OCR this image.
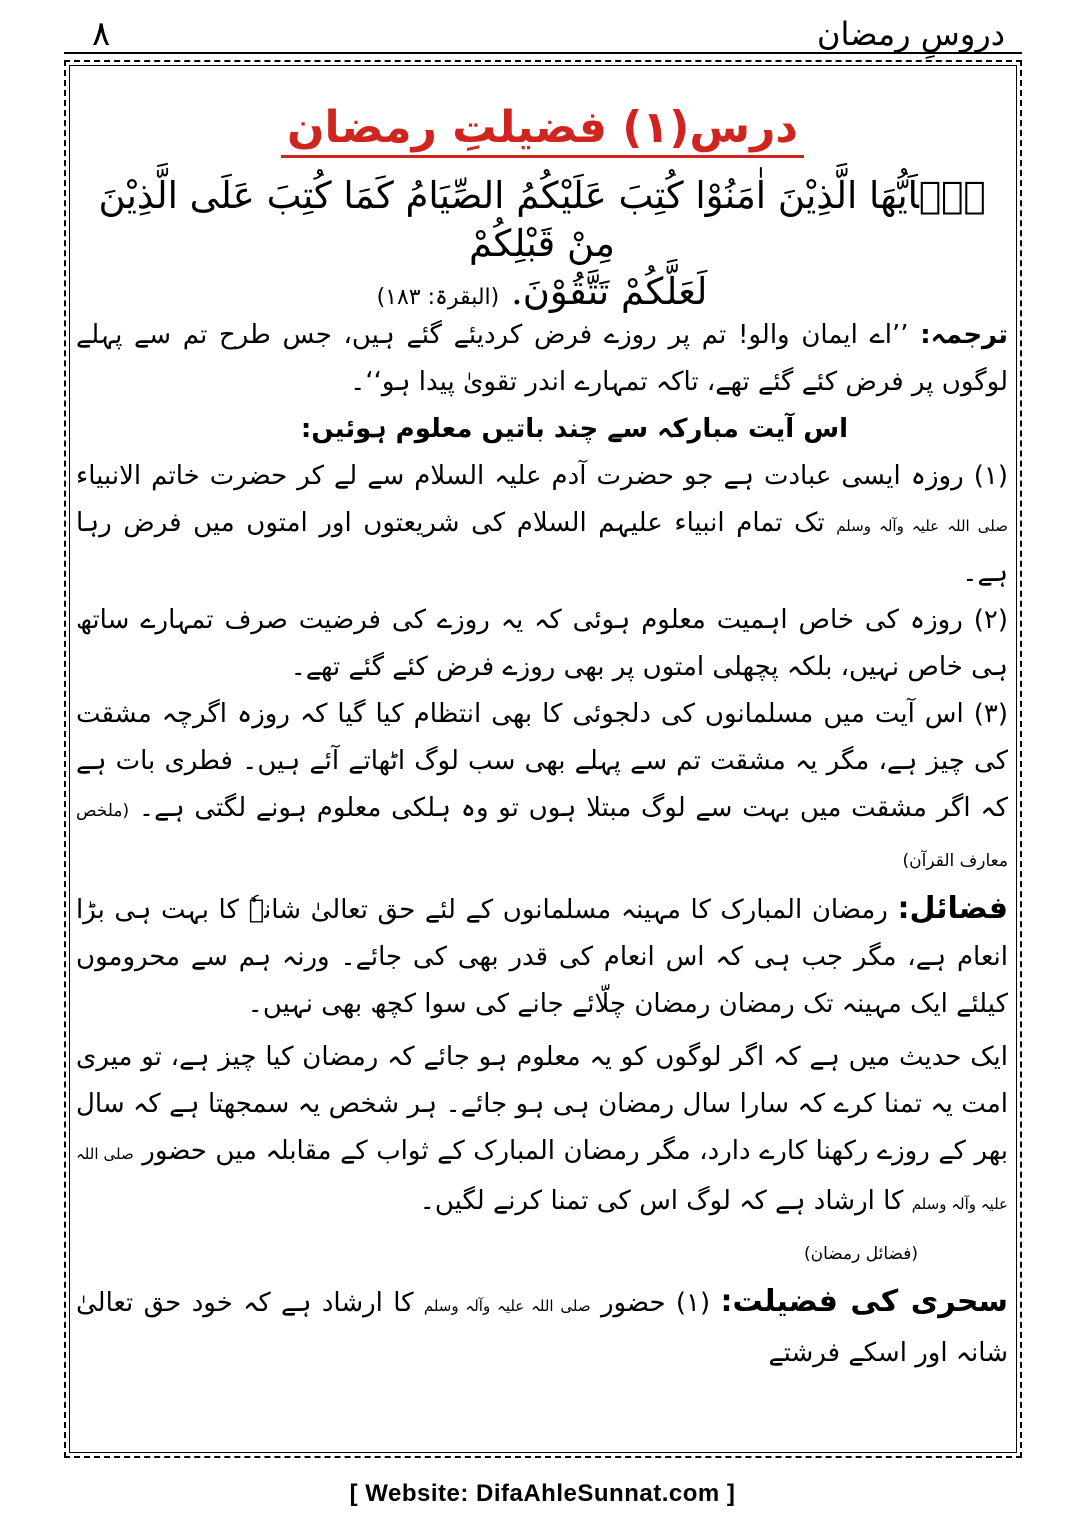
٨	دروسِ رمضان
درس(۱) فضیلتِ رمضان
یٰۤاَیُّهَا الَّذِیْنَ اٰمَنُوْا كُتِبَ عَلَیْكُمُ الصِّیَامُ كَمَا كُتِبَ عَلَى الَّذِیْنَ مِنْ قَبْلِكُمْ
لَعَلَّكُمْ تَتَّقُوْنَ. (البقرۃ: ۱۸۳)

ترجمہ: ’’اے ایمان والو! تم پر روزے فرض کردیئے گئے ہیں، جس طرح تم سے پہلے لوگوں پر فرض کئے گئے تھے، تاکہ تمہارے اندر تقویٰ پیدا ہو‘‘۔

اس آیت مبارکہ سے چند باتیں معلوم ہوئیں:

(۱) روزہ ایسی عبادت ہے جو حضرت آدم علیہ السلام سے لے کر حضرت خاتم الانبیاء صلی اللہ علیہ وآلہ وسلم تک تمام انبیاء علیہم السلام کی شریعتوں اور امتوں میں فرض رہا ہے۔

(۲) روزہ کی خاص اہمیت معلوم ہوئی کہ یہ روزے کی فرضیت صرف تمہارے ساتھ ہی خاص نہیں، بلکہ پچھلی امتوں پر بھی روزے فرض کئے گئے تھے۔

(۳) اس آیت میں مسلمانوں کی دلجوئی کا بھی انتظام کیا گیا کہ روزہ اگرچہ مشقت کی چیز ہے، مگر یہ مشقت تم سے پہلے بھی سب لوگ اٹھاتے آئے ہیں۔ فطری بات ہے کہ اگر مشقت میں بہت سے لوگ مبتلا ہوں تو وہ ہلکی معلوم ہونے لگتی ہے۔ (ملخص معارف القرآن)

فضائل: رمضان المبارک کا مہینہ مسلمانوں کے لئے حق تعالیٰ شانہٗ کا بہت ہی بڑا انعام ہے، مگر جب ہی کہ اس انعام کی قدر بھی کی جائے۔ ورنہ ہم سے محروموں کیلئے ایک مہینہ تک رمضان رمضان چلّائے جانے کی سوا کچھ بھی نہیں۔

ایک حدیث میں ہے کہ اگر لوگوں کو یہ معلوم ہو جائے کہ رمضان کیا چیز ہے، تو میری امت یہ تمنا کرے کہ سارا سال رمضان ہی ہو جائے۔ ہر شخص یہ سمجھتا ہے کہ سال بھر کے روزے رکھنا کارے دارد، مگر رمضان المبارک کے ثواب کے مقابلہ میں حضور صلی اللہ علیہ وآلہ وسلم کا ارشاد ہے کہ لوگ اس کی تمنا کرنے لگیں۔

(فضائل رمضان)

سحری کی فضیلت: (۱) حضور صلی اللہ علیہ وآلہ وسلم کا ارشاد ہے کہ خود حق تعالیٰ شانہ اور اسکے فرشتے

[ Website: DifaAhleSunnat.com ]
